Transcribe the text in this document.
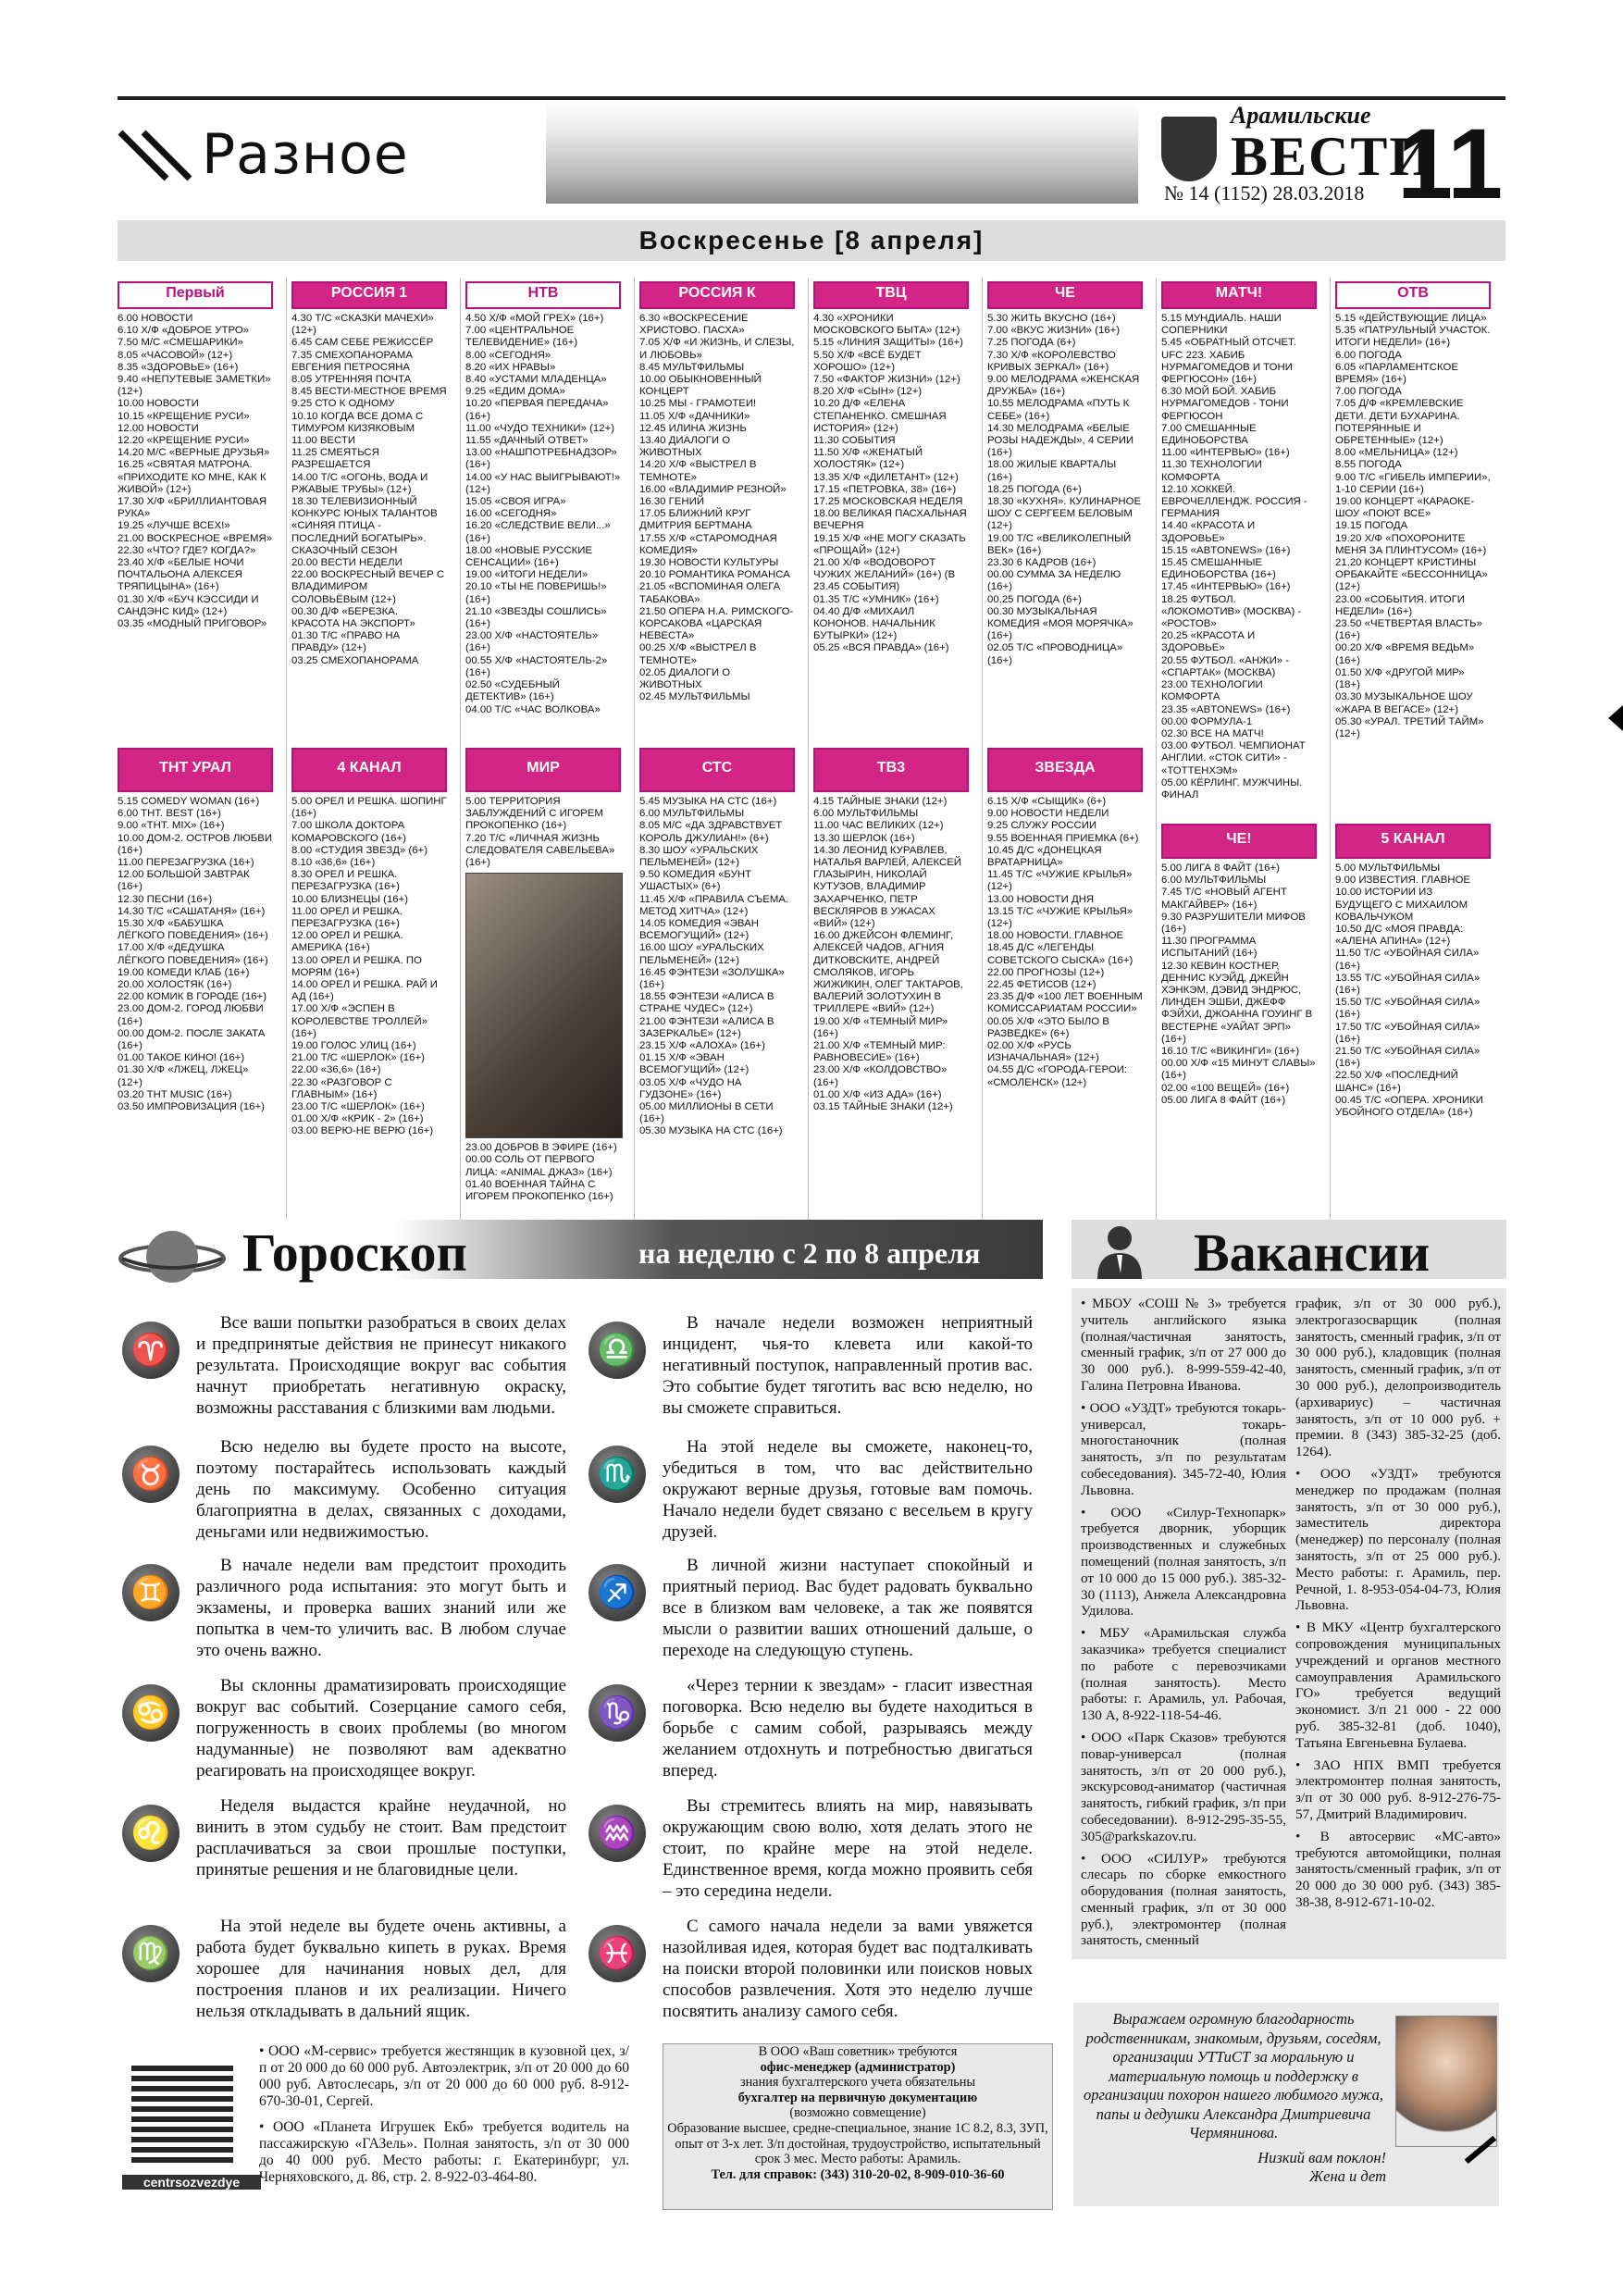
Разное
Арамильские
ВЕСТИ
№ 14 (1152) 28.03.2018 11
Воскресенье [8 апреля]
Первый
6.00 НОВОСТИ
6.10 Х/Ф «ДОБРОЕ УТРО»
7.50 М/С «СМЕШАРИКИ»
8.05 «ЧАСОВОЙ» (12+)
8.35 «ЗДОРОВЬЕ» (16+)
9.40 «НЕПУТЕВЫЕ ЗАМЕТКИ» (12+)
10.00 НОВОСТИ
10.15 «КРЕЩЕНИЕ РУСИ»
12.00 НОВОСТИ
12.20 «КРЕЩЕНИЕ РУСИ»
14.20 М/С «ВЕРНЫЕ ДРУЗЬЯ»
16.25 «СВЯТАЯ МАТРОНА. «ПРИХОДИТЕ КО МНЕ, КАК К ЖИВОЙ» (12+)
17.30 Х/Ф «БРИЛЛИАНТОВАЯ РУКА»
19.25 «ЛУЧШЕ ВСЕХ!»
21.00 ВОСКРЕСНОЕ «ВРЕМЯ»
22.30 «ЧТО? ГДЕ? КОГДА?»
23.40 Х/Ф «БЕЛЫЕ НОЧИ ПОЧТАЛЬОНА АЛЕКСЕЯ ТРЯПИЦЫНА» (16+)
01.30 Х/Ф «БУЧ КЭССИДИ И САНДЭНС КИД» (12+)
03.35 «МОДНЫЙ ПРИГОВОР»
РОССИЯ 1
4.30 Т/С «СКАЗКИ МАЧЕХИ» (12+)
6.45 САМ СЕБЕ РЕЖИССЁР
7.35 СМЕХОПАНОРАМА ЕВГЕНИЯ ПЕТРОСЯНА
8.05 УТРЕННЯЯ ПОЧТА
8.45 ВЕСТИ-МЕСТНОЕ ВРЕМЯ
9.25 СТО К ОДНОМУ
10.10 КОГДА ВСЕ ДОМА С ТИМУРОМ КИЗЯКОВЫМ
11.00 ВЕСТИ
11.25 СМЕЯТЬСЯ РАЗРЕШАЕТСЯ
14.00 Т/С «ОГОНЬ, ВОДА И РЖАВЫЕ ТРУБЫ» (12+)
18.30 ТЕЛЕВИЗИОННЫЙ КОНКУРС ЮНЫХ ТАЛАНТОВ «СИНЯЯ ПТИЦА - ПОСЛЕДНИЙ БОГАТЫРЬ». СКАЗОЧНЫЙ СЕЗОН
20.00 ВЕСТИ НЕДЕЛИ
22.00 ВОСКРЕСНЫЙ ВЕЧЕР С ВЛАДИМИРОМ СОЛОВЬЁВЫМ (12+)
00.30 Д/Ф «БЕРЕЗКА. КРАСОТА НА ЭКСПОРТ»
01.30 Т/С «ПРАВО НА ПРАВДУ» (12+)
03.25 СМЕХОПАНОРАМА
НТВ
4.50 Х/Ф «МОЙ ГРЕХ» (16+)
7.00 «ЦЕНТРАЛЬНОЕ ТЕЛЕВИДЕНИЕ» (16+)
8.00 «СЕГОДНЯ»
8.20 «ИХ НРАВЫ»
8.40 «УСТАМИ МЛАДЕНЦА»
9.25 «ЕДИМ ДОМА»
10.20 «ПЕРВАЯ ПЕРЕДАЧА» (16+)
11.00 «ЧУДО ТЕХНИКИ» (12+)
11.55 «ДАЧНЫЙ ОТВЕТ»
13.00 «НАШПОТРЕБНАДЗОР» (16+)
14.00 «У НАС ВЫИГРЫВАЮТ!» (12+)
15.05 «СВОЯ ИГРА»
16.00 «СЕГОДНЯ»
16.20 «СЛЕДСТВИЕ ВЕЛИ...» (16+)
18.00 «НОВЫЕ РУССКИЕ СЕНСАЦИИ» (16+)
19.00 «ИТОГИ НЕДЕЛИ»
20.10 «ТЫ НЕ ПОВЕРИШЬ!» (16+)
21.10 «ЗВЕЗДЫ СОШЛИСЬ» (16+)
23.00 Х/Ф «НАСТОЯТЕЛЬ» (16+)
00.55 Х/Ф «НАСТОЯТЕЛЬ-2» (16+)
02.50 «СУДЕБНЫЙ ДЕТЕКТИВ» (16+)
04.00 Т/С «ЧАС ВОЛКОВА»
РОССИЯ К
6.30 «ВОСКРЕСЕНИЕ ХРИСТОВО. ПАСХА»
7.05 Х/Ф «И ЖИЗНЬ, И СЛЕЗЫ, И ЛЮБОВЬ»
8.45 МУЛЬТФИЛЬМЫ
10.00 ОБЫКНОВЕННЫЙ КОНЦЕРТ
10.25 МЫ - ГРАМОТЕИ!
11.05 Х/Ф «ДАЧНИКИ»
12.45 ИЛИНА ЖИЗНЬ
13.40 ДИАЛОГИ О ЖИВОТНЫХ
14.20 Х/Ф «ВЫСТРЕЛ В ТЕМНОТЕ»
16.00 «ВЛАДИМИР РЕЗНОЙ»
16.30 ГЕНИЙ
17.05 БЛИЖНИЙ КРУГ ДМИТРИЯ БЕРТМАНА
17.55 Х/Ф «СТАРОМОДНАЯ КОМЕДИЯ»
19.30 НОВОСТИ КУЛЬТУРЫ
20.10 РОМАНТИКА РОМАНСА
21.05 «ВСПОМИНАЯ ОЛЕГА ТАБАКОВА»
21.50 ОПЕРА Н.А. РИМСКОГО-КОРСАКОВА «ЦАРСКАЯ НЕВЕСТА»
00.25 Х/Ф «ВЫСТРЕЛ В ТЕМНОТЕ»
02.05 ДИАЛОГИ О ЖИВОТНЫХ
02.45 МУЛЬТФИЛЬМЫ
ТВЦ
4.30 «ХРОНИКИ МОСКОВСКОГО БЫТА» (12+)
5.15 «ЛИНИЯ ЗАЩИТЫ» (16+)
5.50 Х/Ф «ВСЁ БУДЕТ ХОРОШО» (12+)
7.50 «ФАКТОР ЖИЗНИ» (12+)
8.20 Х/Ф «СЫН» (12+)
10.20 Д/Ф «ЕЛЕНА СТЕПАНЕНКО. СМЕШНАЯ ИСТОРИЯ» (12+)
11.30 СОБЫТИЯ
11.50 Х/Ф «ЖЕНАТЫЙ ХОЛОСТЯК» (12+)
13.35 Х/Ф «ДИЛЕТАНТ» (12+)
17.15 «ПЕТРОВКА, 38» (16+)
17.25 МОСКОВСКАЯ НЕДЕЛЯ
18.00 ВЕЛИКАЯ ПАСХАЛЬНАЯ ВЕЧЕРНЯ
19.15 Х/Ф «НЕ МОГУ СКАЗАТЬ «ПРОЩАЙ» (12+)
21.00 Х/Ф «ВОДОВОРОТ ЧУЖИХ ЖЕЛАНИЙ» (16+) (В 23.45 СОБЫТИЯ)
01.35 Т/С «УМНИК» (16+)
04.40 Д/Ф «МИХАИЛ КОНОНОВ. НАЧАЛЬНИК БУТЫРКИ» (12+)
05.25 «ВСЯ ПРАВДА» (16+)
ЧЕ
5.30 ЖИТЬ ВКУСНО (16+)
7.00 «ВКУС ЖИЗНИ» (16+)
7.25 ПОГОДА (6+)
7.30 Х/Ф «КОРОЛЕВСТВО КРИВЫХ ЗЕРКАЛ» (16+)
9.00 МЕЛОДРАМА «ЖЕНСКАЯ ДРУЖБА» (16+)
10.55 МЕЛОДРАМА «ПУТЬ К СЕБЕ» (16+)
14.30 МЕЛОДРАМА «БЕЛЫЕ РОЗЫ НАДЕЖДЫ», 4 СЕРИИ (16+)
18.00 ЖИЛЫЕ КВАРТАЛЫ (16+)
18.25 ПОГОДА (6+)
18.30 «КУХНЯ». КУЛИНАРНОЕ ШОУ С СЕРГЕЕМ БЕЛОВЫМ (12+)
19.00 Т/С «ВЕЛИКОЛЕПНЫЙ ВЕК» (16+)
23.30 6 КАДРОВ (16+)
00.00 СУММА ЗА НЕДЕЛЮ (16+)
00.25 ПОГОДА (6+)
00.30 МУЗЫКАЛЬНАЯ КОМЕДИЯ «МОЯ МОРЯЧКА» (16+)
02.05 Т/С «ПРОВОДНИЦА» (16+)
МАТЧ!
5.15 МУНДИАЛЬ. НАШИ СОПЕРНИКИ
5.45 «ОБРАТНЫЙ ОТСЧЕТ. UFC 223. ХАБИБ НУРМАГОМЕДОВ И ТОНИ ФЕРГЮСОН» (16+)
6.30 МОЙ БОЙ. ХАБИБ НУРМАГОМЕДОВ - ТОНИ ФЕРГЮСОН
7.00 СМЕШАННЫЕ ЕДИНОБОРСТВА
11.00 «ИНТЕРВЬЮ» (16+)
11.30 ТЕХНОЛОГИИ КОМФОРТА
12.10 ХОККЕЙ. ЕВРОЧЕЛЛЕНДЖ. РОССИЯ - ГЕРМАНИЯ
14.40 «КРАСОТА И ЗДОРОВЬЕ»
15.15 «ABTONEWS» (16+)
15.45 СМЕШАННЫЕ ЕДИНОБОРСТВА (16+)
17.45 «ИНТЕРВЬЮ» (16+)
18.25 ФУТБОЛ. «ЛОКОМОТИВ» (МОСКВА) - «РОСТОВ»
20.25 «КРАСОТА И ЗДОРОВЬЕ»
20.55 ФУТБОЛ. «АНЖИ» - «СПАРТАК» (МОСКВА)
23.00 ТЕХНОЛОГИИ КОМФОРТА
23.35 «ABTONEWS» (16+)
00.00 ФОРМУЛА-1
02.30 ВСЕ НА МАТЧ!
03.00 ФУТБОЛ. ЧЕМПИОНАТ АНГЛИИ. «СТОК СИТИ» - «ТОТТЕНХЭМ»
05.00 КЁРЛИНГ. МУЖЧИНЫ. ФИНАЛ
ОТВ
5.15 «ДЕЙСТВУЮЩИЕ ЛИЦА»
5.35 «ПАТРУЛЬНЫЙ УЧАСТОК. ИТОГИ НЕДЕЛИ» (16+)
6.00 ПОГОДА
6.05 «ПАРЛАМЕНТСКОЕ ВРЕМЯ» (16+)
7.00 ПОГОДА
7.05 Д/Ф «КРЕМЛЕВСКИЕ ДЕТИ. ДЕТИ БУХАРИНА. ПОТЕРЯННЫЕ И ОБРЕТЕННЫЕ» (12+)
8.00 «МЕЛЬНИЦА» (12+)
8.55 ПОГОДА
9.00 Т/С «ГИБЕЛЬ ИМПЕРИИ», 1-10 СЕРИИ (16+)
19.00 КОНЦЕРТ «КАРАОКЕ-ШОУ «ПОЮТ ВСЕ»
19.15 ПОГОДА
19.20 Х/Ф «ПОХОРОНИТЕ МЕНЯ ЗА ПЛИНТУСОМ» (16+)
21.20 КОНЦЕРТ КРИСТИНЫ ОРБАКАЙТЕ «БЕССОННИЦА» (12+)
23.00 «СОБЫТИЯ. ИТОГИ НЕДЕЛИ» (16+)
23.50 «ЧЕТВЕРТАЯ ВЛАСТЬ» (16+)
00.20 Х/Ф «ВРЕМЯ ВЕДЬМ» (16+)
01.50 Х/Ф «ДРУГОЙ МИР» (18+)
03.30 МУЗЫКАЛЬНОЕ ШОУ «ЖАРА В ВЕГАСЕ» (12+)
05.30 «УРАЛ. ТРЕТИЙ ТАЙМ» (12+)
ТНТ УРАЛ
5.15 COMEDY WOMAN (16+)
6.00 THT. BEST (16+)
9.00 «ТНТ. MIX» (16+)
10.00 ДОМ-2. ОСТРОВ ЛЮБВИ (16+)
11.00 ПЕРЕЗАГРУЗКА (16+)
12.00 БОЛЬШОЙ ЗАВТРАК (16+)
12.30 ПЕСНИ (16+)
14.30 Т/С «САШАТАНЯ» (16+)
15.30 Х/Ф «БАБУШКА ЛЁГКОГО ПОВЕДЕНИЯ» (16+)
17.00 Х/Ф «ДЕДУШКА ЛЁГКОГО ПОВЕДЕНИЯ» (16+)
19.00 КОМЕДИ КЛАБ (16+)
20.00 ХОЛОСТЯК (16+)
22.00 КОМИК В ГОРОДЕ (16+)
23.00 ДОМ-2. ГОРОД ЛЮБВИ (16+)
00.00 ДОМ-2. ПОСЛЕ ЗАКАТА (16+)
01.00 ТАКОЕ КИНО! (16+)
01.30 Х/Ф «ЛЖЕЦ, ЛЖЕЦ» (12+)
03.20 THT MUSIC (16+)
03.50 ИМПРОВИЗАЦИЯ (16+)
4 КАНАЛ
5.00 ОРЕЛ И РЕШКА. ШОПИНГ (16+)
7.00 ШКОЛА ДОКТОРА КОМАРОВСКОГО (16+)
8.00 «СТУДИЯ ЗВЕЗД» (6+)
8.10 «36,6» (16+)
8.30 ОРЕЛ И РЕШКА. ПЕРЕЗАГРУЗКА (16+)
10.00 БЛИЗНЕЦЫ (16+)
11.00 ОРЕЛ И РЕШКА. ПЕРЕЗАГРУЗКА (16+)
12.00 ОРЕЛ И РЕШКА. АМЕРИКА (16+)
13.00 ОРЕЛ И РЕШКА. ПО МОРЯМ (16+)
14.00 ОРЕЛ И РЕШКА. РАЙ И АД (16+)
17.00 Х/Ф «ЭСПЕН В КОРОЛЕВСТВЕ ТРОЛЛЕЙ» (16+)
19.00 ГОЛОС УЛИЦ (16+)
21.00 Т/С «ШЕРЛОК» (16+)
22.00 «36,6» (16+)
22.30 «РАЗГОВОР С ГЛАВНЫМ» (16+)
23.00 Т/С «ШЕРЛОК» (16+)
01.00 Х/Ф «КРИК - 2» (16+)
03.00 ВЕРЮ-НЕ ВЕРЮ (16+)
МИР
5.00 ТЕРРИТОРИЯ ЗАБЛУЖДЕНИЙ С ИГОРЕМ ПРОКОПЕНКО (16+)
7.20 Т/С «ЛИЧНАЯ ЖИЗНЬ СЛЕДОВАТЕЛЯ САВЕЛЬЕВА» (16+)
23.00 ДОБРОВ В ЭФИРЕ (16+)
00.00 СОЛЬ ОТ ПЕРВОГО ЛИЦА: «ANIMAL ДЖАЗ» (16+)
01.40 ВОЕННАЯ ТАЙНА С ИГОРЕМ ПРОКОПЕНКО (16+)
СТС
5.45 МУЗЫКА НА СТС (16+)
6.00 МУЛЬТФИЛЬМЫ
8.05 М/С «ДА ЗДРАВСТВУЕТ КОРОЛЬ ДЖУЛИАН!» (6+)
8.30 ШОУ «УРАЛЬСКИХ ПЕЛЬМЕНЕЙ» (12+)
9.50 КОМЕДИЯ «БУНТ УШАСТЫХ» (6+)
11.45 Х/Ф «ПРАВИЛА СЪЕМА. МЕТОД ХИТЧА» (12+)
14.05 КОМЕДИЯ «ЭВАН ВСЕМОГУЩИЙ» (12+)
16.00 ШОУ «УРАЛЬСКИХ ПЕЛЬМЕНЕЙ» (12+)
16.45 ФЭНТЕЗИ «ЗОЛУШКА» (16+)
18.55 ФЭНТЕЗИ «АЛИСА В СТРАНЕ ЧУДЕС» (12+)
21.00 ФЭНТЕЗИ «АЛИСА В ЗАЗЕРКАЛЬЕ» (12+)
23.15 Х/Ф «АЛОХА» (16+)
01.15 Х/Ф «ЭВАН ВСЕМОГУЩИЙ» (12+)
03.05 Х/Ф «ЧУДО НА ГУДЗОНЕ» (16+)
05.00 МИЛЛИОНЫ В СЕТИ (16+)
05.30 МУЗЫКА НА СТС (16+)
ТВ3
4.15 ТАЙНЫЕ ЗНАКИ (12+)
6.00 МУЛЬТФИЛЬМЫ
11.00 ЧАС ВЕЛИКИХ (12+)
13.30 ШЕРЛОК (16+)
14.30 ЛЕОНИД КУРАВЛЕВ, НАТАЛЬЯ ВАРЛЕЙ, АЛЕКСЕЙ ГЛАЗЫРИН, НИКОЛАЙ КУТУЗОВ, ВЛАДИМИР ЗАХАРЧЕНКО, ПЕТР ВЕСКЛЯРОВ В УЖАСАХ «ВИЙ» (12+)
16.00 ДЖЕЙСОН ФЛЕМИНГ, АЛЕКСЕЙ ЧАДОВ, АГНИЯ ДИТКОВСКИТЕ, АНДРЕЙ СМОЛЯКОВ, ИГОРЬ ЖИЖИКИН, ОЛЕГ ТАКТАРОВ, ВАЛЕРИЙ ЗОЛОТУХИН В ТРИЛЛЕРЕ «ВИЙ» (12+)
19.00 Х/Ф «ТЕМНЫЙ МИР» (16+)
21.00 Х/Ф «ТЕМНЫЙ МИР: РАВНОВЕСИЕ» (16+)
23.00 Х/Ф «КОЛДОВСТВО» (16+)
01.00 Х/Ф «ИЗ АДА» (16+)
03.15 ТАЙНЫЕ ЗНАКИ (12+)
ЗВЕЗДА
6.15 Х/Ф «СЫЩИК» (6+)
9.00 НОВОСТИ НЕДЕЛИ
9.25 СЛУЖУ РОССИИ
9.55 ВОЕННАЯ ПРИЕМКА (6+)
10.45 Д/С «ДОНЕЦКАЯ ВРАТАРНИЦА»
11.45 Т/С «ЧУЖИЕ КРЫЛЬЯ» (12+)
13.00 НОВОСТИ ДНЯ
13.15 Т/С «ЧУЖИЕ КРЫЛЬЯ» (12+)
18.00 НОВОСТИ. ГЛАВНОЕ
18.45 Д/С «ЛЕГЕНДЫ СОВЕТСКОГО СЫСКА» (16+)
22.00 ПРОГНОЗЫ (12+)
22.45 ФЕТИСОВ (12+)
23.35 Д/Ф «100 ЛЕТ ВОЕННЫМ КОМИССАРИАТАМ РОССИИ»
00.05 Х/Ф «ЭТО БЫЛО В РАЗВЕДКЕ» (6+)
02.00 Х/Ф «РУСЬ ИЗНАЧАЛЬНАЯ» (12+)
04.55 Д/С «ГОРОДА-ГЕРОИ: «СМОЛЕНСК» (12+)
ЧЕ!
5.00 ЛИГА 8 ФАЙТ (16+)
6.00 МУЛЬТФИЛЬМЫ
7.45 Т/С «НОВЫЙ АГЕНТ МАКГАЙВЕР» (16+)
9.30 РАЗРУШИТЕЛИ МИФОВ (16+)
11.30 ПРОГРАММА ИСПЫТАНИЙ (16+)
12.30 КЕВИН КОСТНЕР, ДЕННИС КУЭЙД, ДЖЕЙН ХЭНКЭМ, ДЭВИД ЭНДРЮС, ЛИНДЕН ЭШБИ, ДЖЕФФ ФЭЙХИ, ДЖОАННА ГОУИНГ В ВЕСТЕРНЕ «УАЙАТ ЭРП» (16+)
16.10 Т/С «ВИКИНГИ» (16+)
00.00 Х/Ф «15 МИНУТ СЛАВЫ» (16+)
02.00 «100 ВЕЩЕЙ» (16+)
05.00 ЛИГА 8 ФАЙТ (16+)
5 КАНАЛ
5.00 МУЛЬТФИЛЬМЫ
9.00 ИЗВЕСТИЯ. ГЛАВНОЕ
10.00 ИСТОРИИ ИЗ БУДУЩЕГО С МИХАИЛОМ КОВАЛЬЧУКОМ
10.50 Д/С «МОЯ ПРАВДА: «АЛЕНА АПИНА» (12+)
11.50 Т/С «УБОЙНАЯ СИЛА» (16+)
13.55 Т/С «УБОЙНАЯ СИЛА» (16+)
15.50 Т/С «УБОЙНАЯ СИЛА» (16+)
17.50 Т/С «УБОЙНАЯ СИЛА» (16+)
21.50 Т/С «УБОЙНАЯ СИЛА» (16+)
22.50 Х/Ф «ПОСЛЕДНИЙ ШАНС» (16+)
00.45 Т/С «ОПЕРА. ХРОНИКИ УБОЙНОГО ОТДЕЛА» (16+)
Гороскоп	на неделю с 2 по 8 апреля
♈
Все ваши попытки разобраться в своих делах и предпринятые действия не принесут никакого результата. Происходящие вокруг вас события начнут приобретать негативную окраску, возможны расставания с близкими вам людьми.
♉
Всю неделю вы будете просто на высоте, поэтому постарайтесь использовать каждый день по максимуму. Особенно ситуация благоприятна в делах, связанных с доходами, деньгами или недвижимостью.
♊
В начале недели вам предстоит проходить различного рода испытания: это могут быть и экзамены, и проверка ваших знаний или же попытка в чем-то уличить вас. В любом случае это очень важно.
♋
Вы склонны драматизировать происходящие вокруг вас событий. Созерцание самого себя, погруженность в своих проблемы (во многом надуманные) не позволяют вам адекватно реагировать на происходящее вокруг.
♌
Неделя выдастся крайне неудачной, но винить в этом судьбу не стоит. Вам предстоит расплачиваться за свои прошлые поступки, принятые решения и не благовидные цели.
♍
На этой неделе вы будете очень активны, а работа будет буквально кипеть в руках. Время хорошее для начинания новых дел, для построения планов и их реализации. Ничего нельзя откладывать в дальний ящик.
♎
В начале недели возможен неприятный инцидент, чья-то клевета или какой-то негативный поступок, направленный против вас. Это событие будет тяготить вас всю неделю, но вы сможете справиться.
♏
На этой неделе вы сможете, наконец-то, убедиться в том, что вас действительно окружают верные друзья, готовые вам помочь. Начало недели будет связано с весельем в кругу друзей.
♐
В личной жизни наступает спокойный и приятный период. Вас будет радовать буквально все в близком вам человеке, а так же появятся мысли о развитии ваших отношений дальше, о переходе на следующую ступень.
♑
«Через тернии к звездам» - гласит известная поговорка. Всю неделю вы будете находиться в борьбе с самим собой, разрываясь между желанием отдохнуть и потребностью двигаться вперед.
♒
Вы стремитесь влиять на мир, навязывать окружающим свою волю, хотя делать этого не стоит, по крайне мере на этой неделе. Единственное время, когда можно проявить себя – это середина недели.
♓
С самого начала недели за вами увяжется назойливая идея, которая будет вас подталкивать на поиски второй половинки или поисков новых способов развлечения. Хотя это неделю лучше посвятить анализу самого себя.
Вакансии

• МБОУ «СОШ № 3» требуется учитель английского языка (полная/частичная занятость, сменный график, з/п от 27 000 до 30 000 руб.). 8-999-559-42-40, Галина Петровна Иванова.

• ООО «УЗДТ» требуются токарь-универсал, токарь-многостаночник (полная занятость, з/п по результатам собеседования). 345-72-40, Юлия Львовна.

• ООО «Силур-Технопарк» требуется дворник, уборщик производственных и служебных помещений (полная занятость, з/п от 10 000 до 15 000 руб.). 385-32-30 (1113), Анжела Александровна Удилова.

• МБУ «Арамильская служба заказчика» требуется специалист по работе с перевозчиками (полная занятость). Место работы: г. Арамиль, ул. Рабочая, 130 А, 8-922-118-54-46.

• ООО «Парк Сказов» требуются повар-универсал (полная занятость, з/п от 20 000 руб.), экскурсовод-аниматор (частичная занятость, гибкий график, з/п при собеседовании). 8-912-295-35-55, 305@parkskazov.ru.

• ООО «СИЛУР» требуются слесарь по сборке емкостного оборудования (полная занятость, сменный график, з/п от 30 000 руб.), электромонтер (полная занятость, сменный

график, з/п от 30 000 руб.), электрогазосварщик (полная занятость, сменный график, з/п от 30 000 руб.), кладовщик (полная занятость, сменный график, з/п от 30 000 руб.), делопроизводитель (архивариус) – частичная занятость, з/п от 10 000 руб. + премии. 8 (343) 385-32-25 (доб. 1264).

• ООО «УЗДТ» требуются менеджер по продажам (полная занятость, з/п от 30 000 руб.), заместитель директора (менеджер) по персоналу (полная занятость, з/п от 25 000 руб.). Место работы: г. Арамиль, пер. Речной, 1. 8-953-054-04-73, Юлия Львовна.

• В МКУ «Центр бухгалтерского сопровождения муниципальных учреждений и органов местного самоуправления Арамильского ГО» требуется ведущий экономист. З/п 21 000 - 22 000 руб. 385-32-81 (доб. 1040), Татьяна Евгеньевна Булаева.

• ЗАО НПХ ВМП требуется электромонтер полная занятость, з/п от 30 000 руб. 8-912-276-75-57, Дмитрий Владимирович.

• В автосервис «МС-авто» требуются автомойщики, полная занятость/сменный график, з/п от 20 000 до 30 000 руб. (343) 385-38-38, 8-912-671-10-02.

centrsozvezdye
• ООО «М-сервис» требуется жестянщик в кузовной цех, з/п от 20 000 до 60 000 руб. Автоэлектрик, з/п от 20 000 до 60 000 руб. Автослесарь, з/п от 20 000 до 60 000 руб. 8-912-670-30-01, Сергей.
• ООО «Планета Игрушек Екб» требуется водитель на пассажирскую «ГАЗель». Полная занятость, з/п от 30 000 до 40 000 руб. Место работы: г. Екатеринбург, ул. Черняховского, д. 86, стр. 2. 8-922-03-464-80.
В ООО «Ваш советник» требуются
офис-менеджер (администратор)
знания бухгалтерского учета обязательны
бухгалтер на первичную документацию
(возможно совмещение)
Образование высшее, средне-специальное, знание 1С 8.2, 8.3, ЗУП, опыт от 3-х лет. З/п достойная, трудоустройство, испытательный срок 3 мес. Место работы: Арамиль.
Тел. для справок: (343) 310-20-02, 8-909-010-36-60
Выражаем огромную благодарность родственникам, знакомым, друзьям, соседям, организации УТТиСТ за моральную и материальную помощь и поддержку в организации похорон нашего любимого мужа, папы и дедушки Александра Дмитриевича Чермянинова.
Низкий вам поклон!
Жена и дет
